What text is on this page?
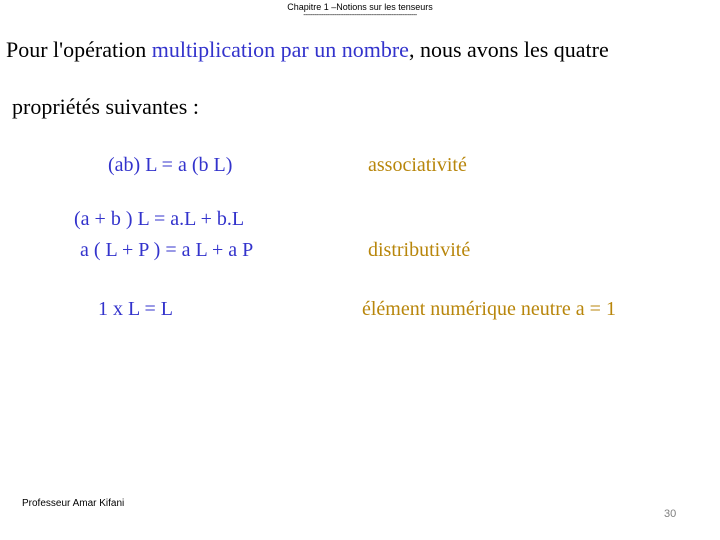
Chapitre 1 –Notions sur les tenseurs
--------------------------------------------------------------
Pour l'opération multiplication par un nombre, nous avons les quatre
propriétés suivantes :
(ab) L = a (b L)	associativité
(a + b ) L = a.L + b.L
a ( L + P ) = a L + a P	distributivité
1 x L = L	élément numérique neutre a = 1
Professeur Amar Kifani
30
